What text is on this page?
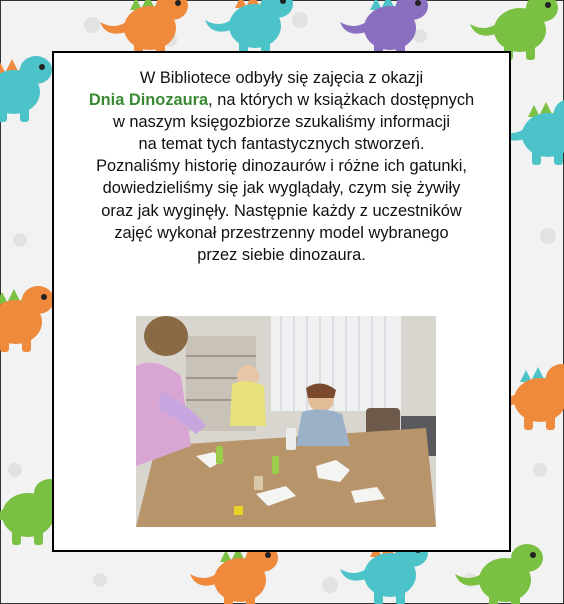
W Bibliotece odbyły się zajęcia z okazji
Dnia Dinozaura, na których w książkach dostępnych
w naszym księgozbiorze szukaliśmy informacji
na temat tych fantastycznych stworzeń.
Poznaliśmy historię dinozaurów i różne ich gatunki,
dowiedzieliśmy się jak wyglądały, czym się żywiły
oraz jak wyginęły. Następnie każdy z uczestników
zajęć wykonał przestrzenny model wybranego
przez siebie dinozaura.
